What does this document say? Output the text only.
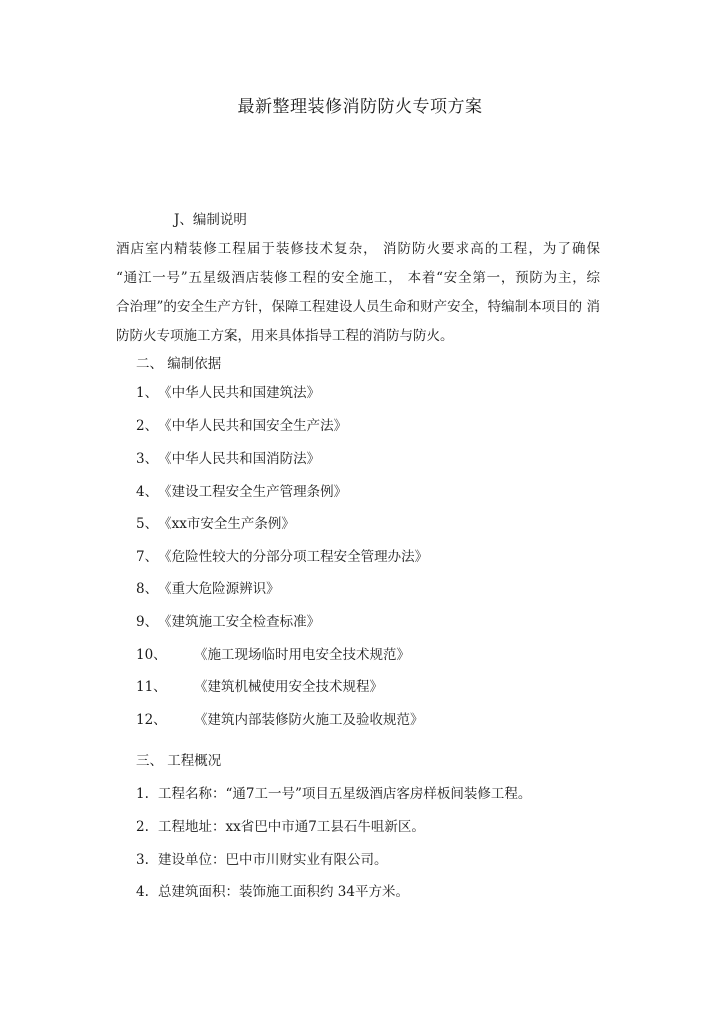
最新整理装修消防防火专项方案
J、编制说明
酒店室内精装修工程届于装修技术复杂， 消防防火要求高的工程，为了确保
“通江一号”五星级酒店装修工程的安全施工， 本着“安全第一，预防为主，综
合治理”的安全生产方针，保障工程建设人员生命和财产安全，特编制本项目的 消
防防火专项施工方案，用来具体指导工程的消防与防火。
二、 编制依据
1、《中华人民共和国建筑法》
2、《中华人民共和国安全生产法》
3、《中华人民共和国消防法》
4、《建设工程安全生产管理条例》
5、《xx市安全生产条例》
7、《危险性较大的分部分项工程安全管理办法》
8、《重大危险源辨识》
9、《建筑施工安全检查标准》
10、 《施工现场临时用电安全技术规范》
11、 《建筑机械使用安全技术规程》
12、 《建筑内部装修防火施工及验收规范》
三、 工程概况
1. 工程名称：“通7工一号”项目五星级酒店客房样板间装修工程。
2. 工程地址：xx省巴中市通7工县石牛咀新区。
3. 建设单位：巴中市川财实业有限公司。
4. 总建筑面积：装饰施工面积约 34平方米。
